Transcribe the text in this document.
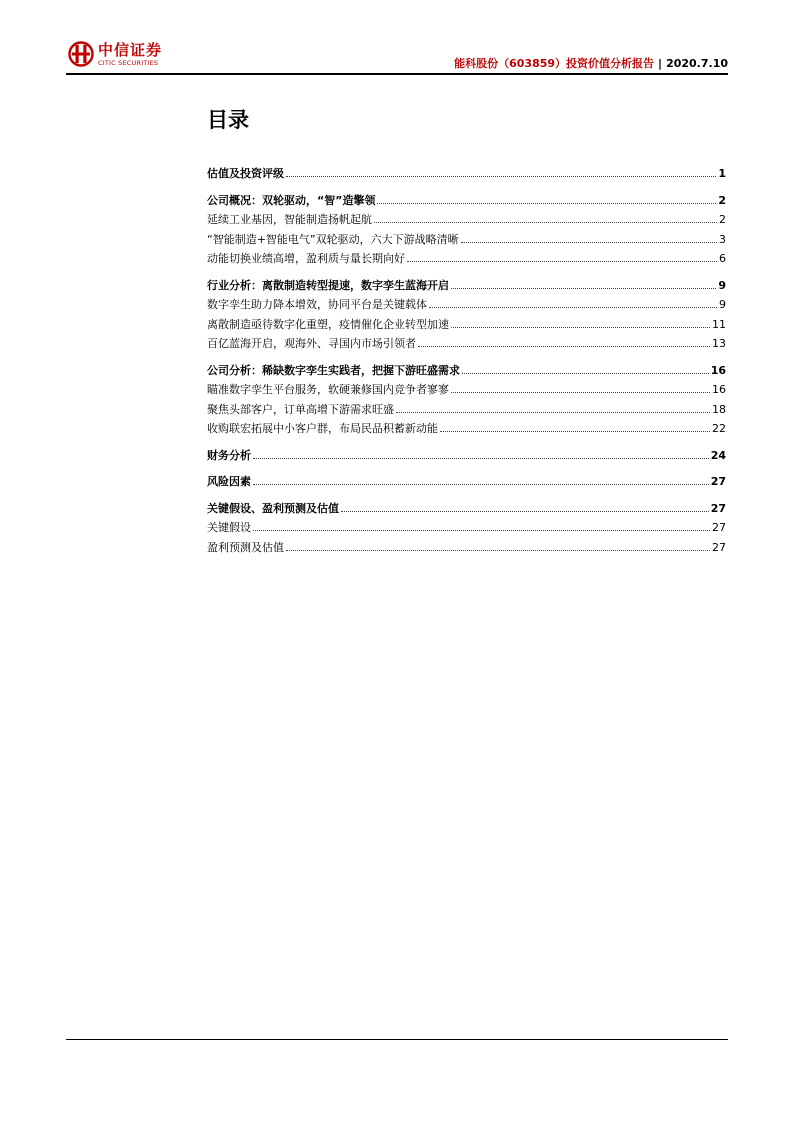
中信证券
CITIC SECURITIES	能科股份（603859）投资价值分析报告 | 2020.7.10
目录
估值及投资评级	1
公司概况：双轮驱动，“智”造擎领	2
延续工业基因，智能制造扬帆起航	2
“智能制造+智能电气”双轮驱动，六大下游战略清晰	3
动能切换业绩高增，盈利质与量长期向好	6
行业分析：离散制造转型提速，数字孪生蓝海开启	9
数字孪生助力降本增效，协同平台是关键载体	9
离散制造亟待数字化重塑，疫情催化企业转型加速	11
百亿蓝海开启，观海外、寻国内市场引领者	13
公司分析：稀缺数字孪生实践者，把握下游旺盛需求	16
瞄准数字孪生平台服务，软硬兼修国内竞争者寥寥	16
聚焦头部客户，订单高增下游需求旺盛	18
收购联宏拓展中小客户群，布局民品积蓄新动能	22
财务分析	24
风险因素	27
关键假设、盈利预测及估值	27
关键假设	27
盈利预测及估值	27
